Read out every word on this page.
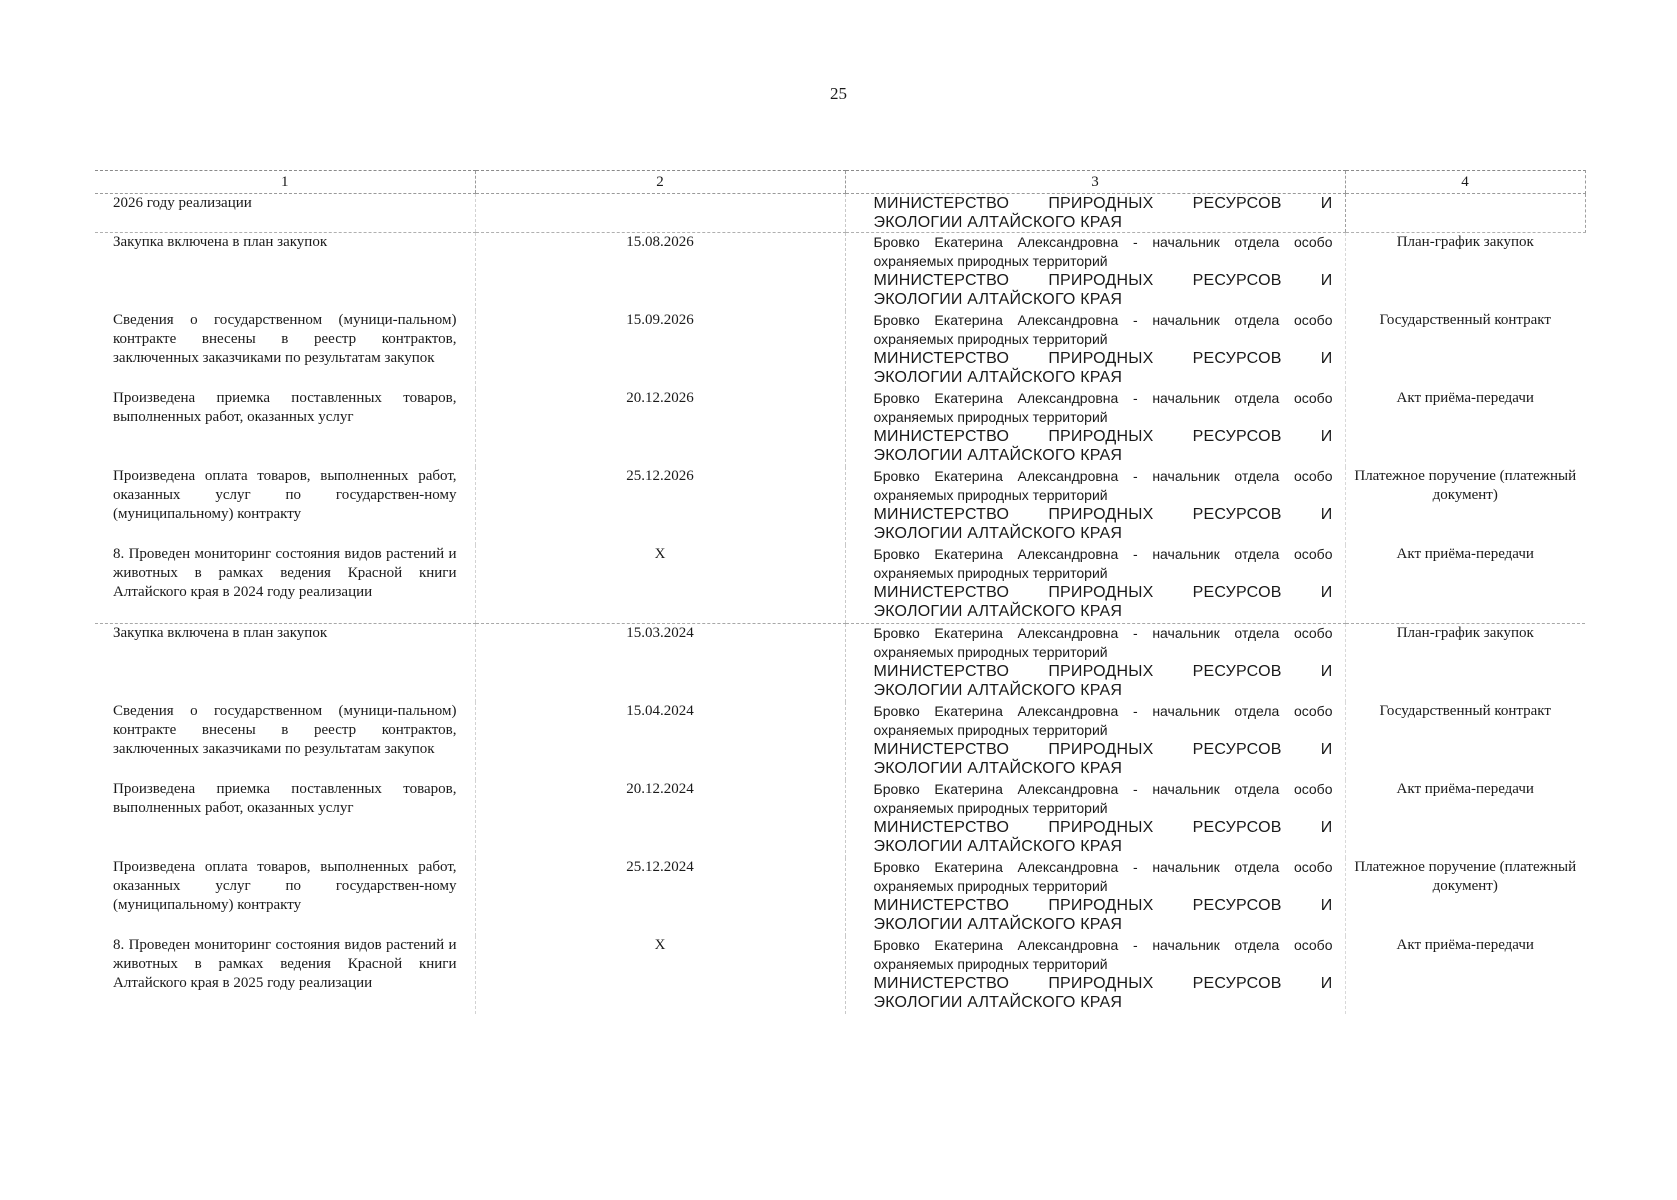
25
1	2	3	4
2026 году реализации		МИНИСТЕРСТВО ПРИРОДНЫХ РЕСУРСОВ И
ЭКОЛОГИИ АЛТАЙСКОГО КРАЯ	

Закупка включена в план закупок	15.08.2026	Бровко Екатерина Александровна - начальник отдела особо
охраняемых природных территорий
МИНИСТЕРСТВО ПРИРОДНЫХ РЕСУРСОВ И
ЭКОЛОГИИ АЛТАЙСКОГО КРАЯ	План-график закупок
Сведения о государственном (муници-пальном) контракте внесены в реестр контрактов, заключенных заказчиками по результатам закупок	15.09.2026	Бровко Екатерина Александровна - начальник отдела особо
охраняемых природных территорий
МИНИСТЕРСТВО ПРИРОДНЫХ РЕСУРСОВ И
ЭКОЛОГИИ АЛТАЙСКОГО КРАЯ	Государственный контракт
Произведена приемка поставленных товаров, выполненных работ, оказанных услуг	20.12.2026	Бровко Екатерина Александровна - начальник отдела особо
охраняемых природных территорий
МИНИСТЕРСТВО ПРИРОДНЫХ РЕСУРСОВ И
ЭКОЛОГИИ АЛТАЙСКОГО КРАЯ	Акт приёма-передачи
Произведена оплата товаров, выполненных работ, оказанных услуг по государствен-ному (муниципальному) контракту	25.12.2026	Бровко Екатерина Александровна - начальник отдела особо
охраняемых природных территорий
МИНИСТЕРСТВО ПРИРОДНЫХ РЕСУРСОВ И
ЭКОЛОГИИ АЛТАЙСКОГО КРАЯ	Платежное поручение (платежный документ)
8. Проведен мониторинг состояния видов растений и животных в рамках ведения Красной книги Алтайского края в 2024 году реализации	X	Бровко Екатерина Александровна - начальник отдела особо
охраняемых природных территорий
МИНИСТЕРСТВО ПРИРОДНЫХ РЕСУРСОВ И
ЭКОЛОГИИ АЛТАЙСКОГО КРАЯ	Акт приёма-передачи
Закупка включена в план закупок	15.03.2024	Бровко Екатерина Александровна - начальник отдела особо
охраняемых природных территорий
МИНИСТЕРСТВО ПРИРОДНЫХ РЕСУРСОВ И
ЭКОЛОГИИ АЛТАЙСКОГО КРАЯ	План-график закупок
Сведения о государственном (муници-пальном) контракте внесены в реестр контрактов, заключенных заказчиками по результатам закупок	15.04.2024	Бровко Екатерина Александровна - начальник отдела особо
охраняемых природных территорий
МИНИСТЕРСТВО ПРИРОДНЫХ РЕСУРСОВ И
ЭКОЛОГИИ АЛТАЙСКОГО КРАЯ	Государственный контракт
Произведена приемка поставленных товаров, выполненных работ, оказанных услуг	20.12.2024	Бровко Екатерина Александровна - начальник отдела особо
охраняемых природных территорий
МИНИСТЕРСТВО ПРИРОДНЫХ РЕСУРСОВ И
ЭКОЛОГИИ АЛТАЙСКОГО КРАЯ	Акт приёма-передачи
Произведена оплата товаров, выполненных работ, оказанных услуг по государствен-ному (муниципальному) контракту	25.12.2024	Бровко Екатерина Александровна - начальник отдела особо
охраняемых природных территорий
МИНИСТЕРСТВО ПРИРОДНЫХ РЕСУРСОВ И
ЭКОЛОГИИ АЛТАЙСКОГО КРАЯ	Платежное поручение (платежный документ)
8. Проведен мониторинг состояния видов растений и животных в рамках ведения Красной книги Алтайского края в 2025 году реализации	X	Бровко Екатерина Александровна - начальник отдела особо
охраняемых природных территорий
МИНИСТЕРСТВО ПРИРОДНЫХ РЕСУРСОВ И
ЭКОЛОГИИ АЛТАЙСКОГО КРАЯ	Акт приёма-передачи
